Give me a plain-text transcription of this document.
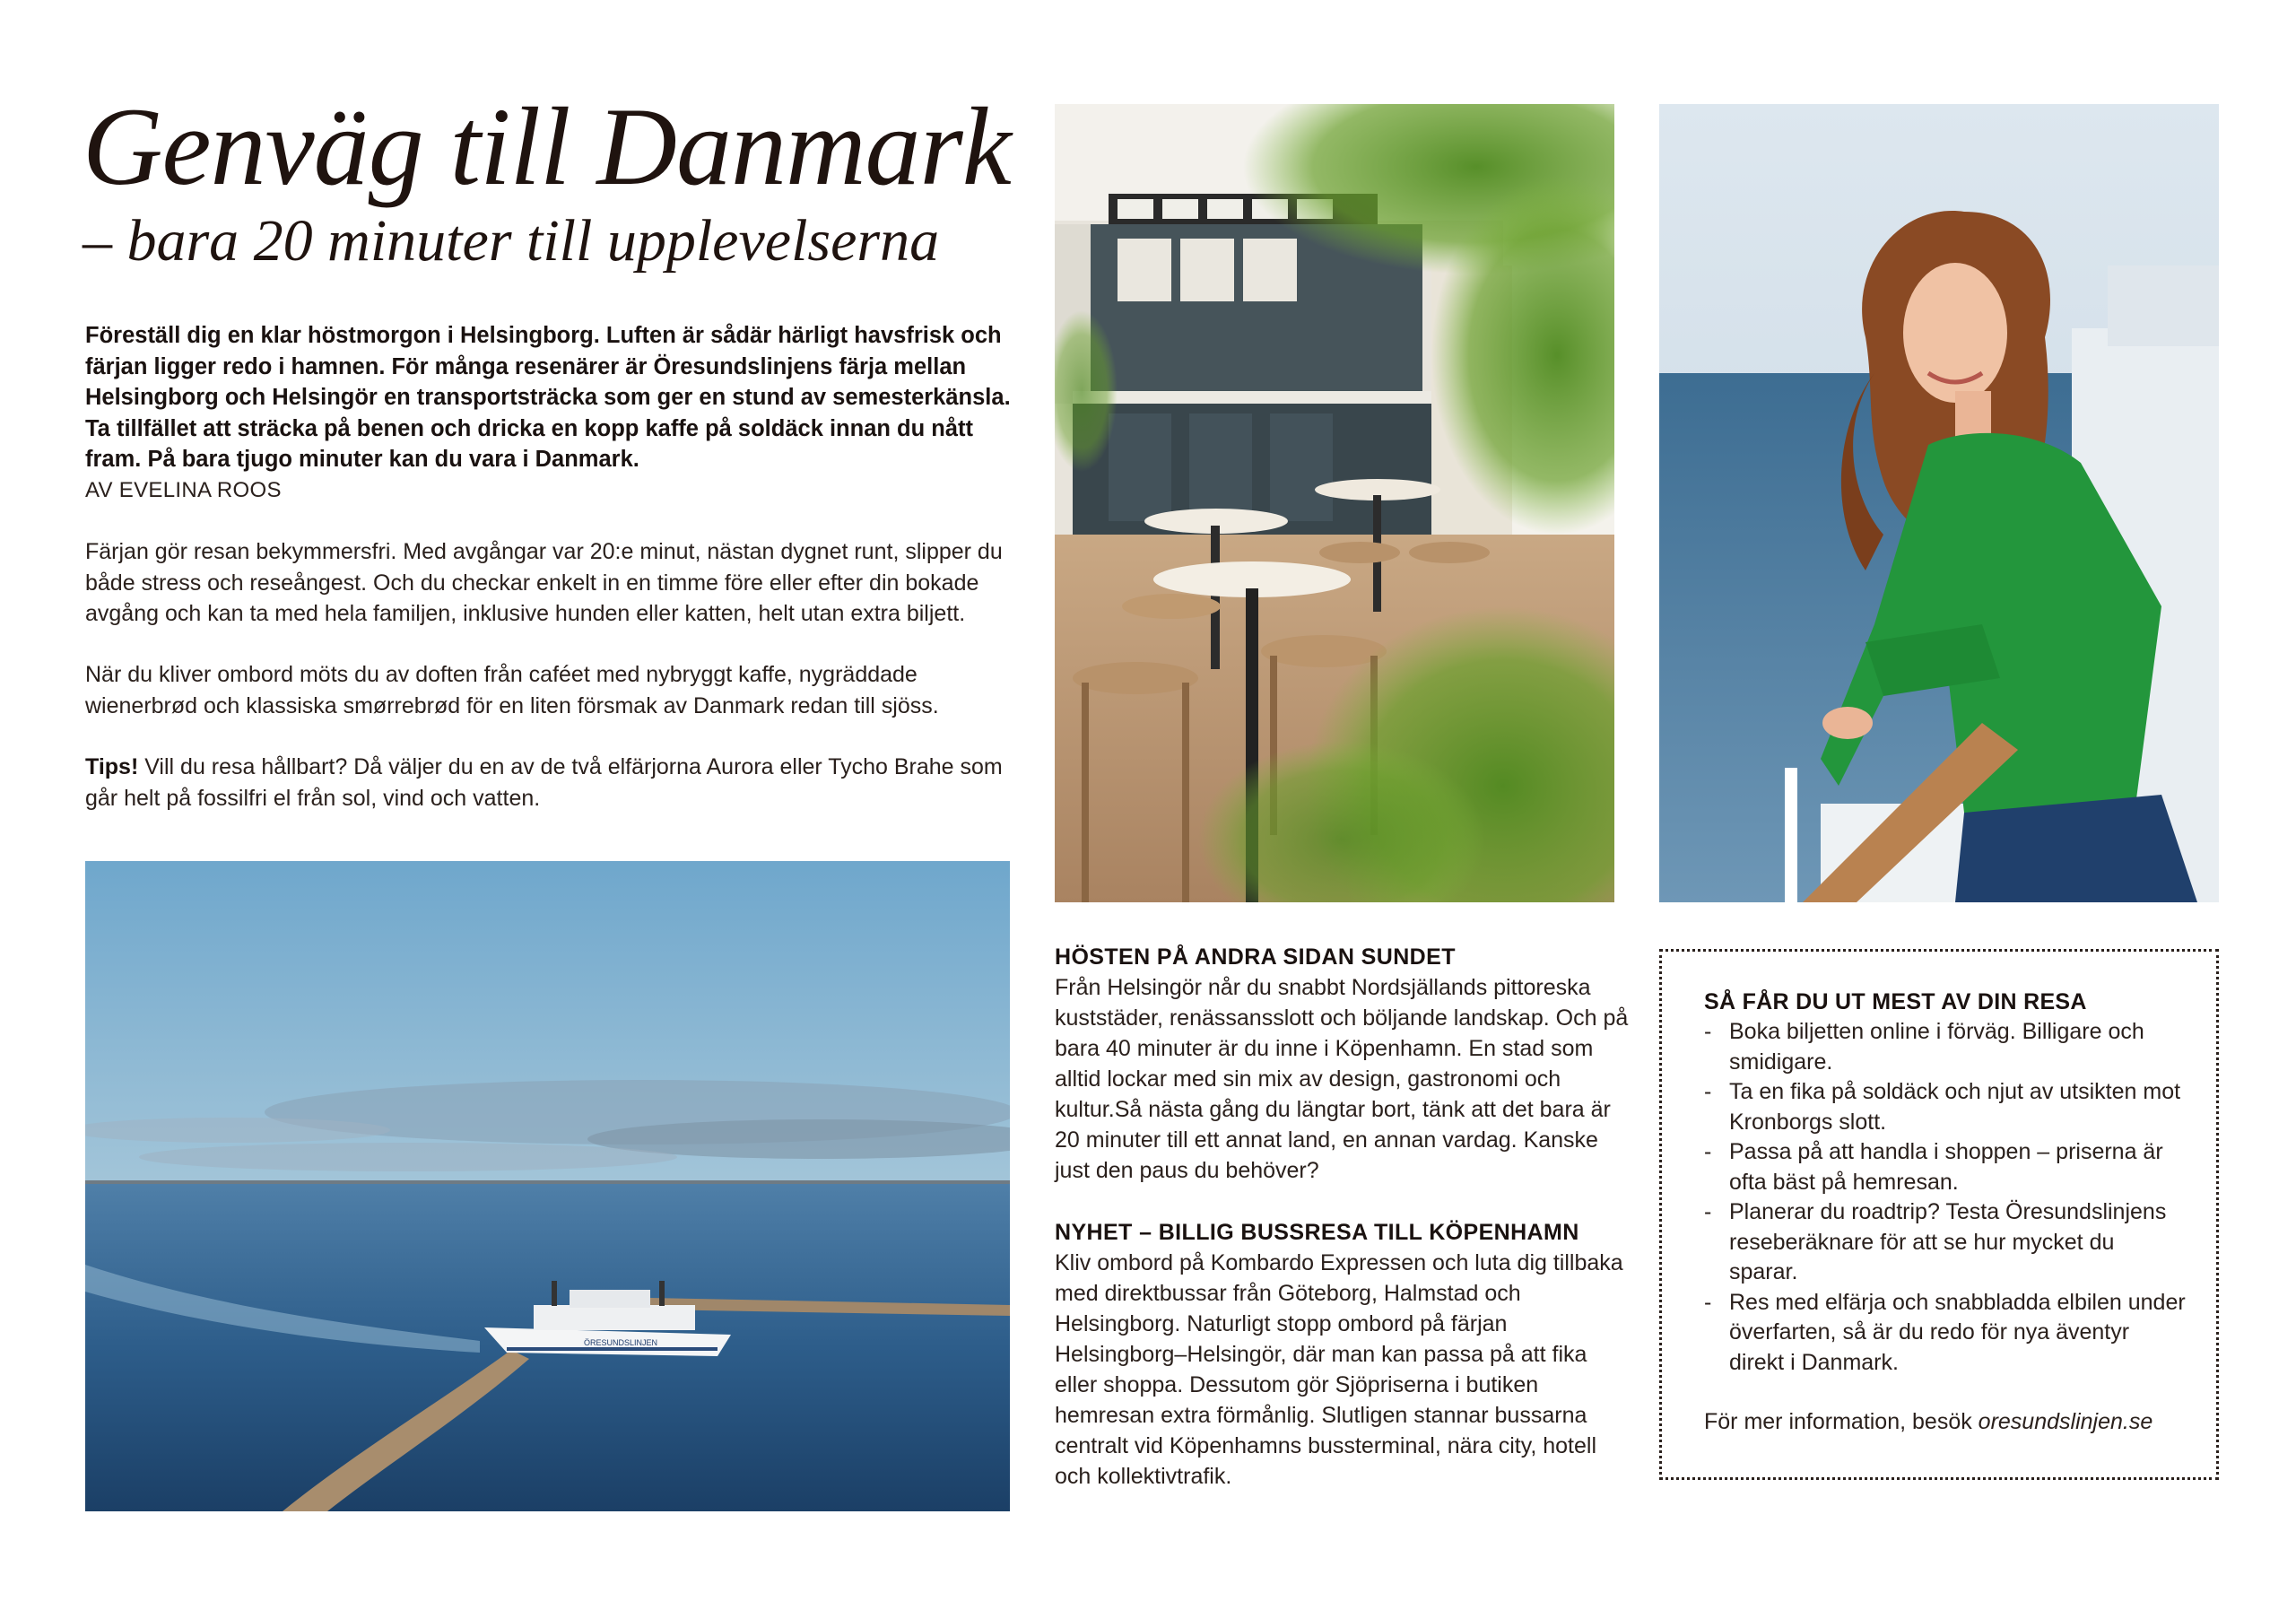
Genväg till Danmark
– bara 20 minuter till upplevelserna
Föreställ dig en klar höstmorgon i Helsingborg. Luften är sådär härligt havsfrisk och färjan ligger redo i hamnen. För många resenärer är Öresundslinjens färja mellan Helsingborg och Helsingör en transportsträcka som ger en stund av semesterkänsla. Ta tillfället att sträcka på benen och dricka en kopp kaffe på soldäck innan du nått fram. På bara tjugo minuter kan du vara i Danmark.
AV EVELINA ROOS
Färjan gör resan bekymmersfri. Med avgångar var 20:e minut, nästan dygnet runt, slipper du både stress och reseångest. Och du checkar enkelt in en timme före eller efter din bokade avgång och kan ta med hela familjen, inklusive hunden eller katten, helt utan extra biljett.
När du kliver ombord möts du av doften från caféet med nybryggt kaffe, nygräddade wienerbrød och klassiska smørrebrød för en liten försmak av Danmark redan till sjöss.
Tips! Vill du resa hållbart? Då väljer du en av de två elfärjorna Aurora eller Tycho Brahe som går helt på fossilfri el från sol, vind och vatten.
ÖRESUNDSLINJEN
HÖSTEN PÅ ANDRA SIDAN SUNDET
Från Helsingör når du snabbt Nordsjällands pittoreska kuststäder, renässansslott och böljande landskap. Och på bara 40 minuter är du inne i Köpenhamn. En stad som alltid lockar med sin mix av design, gastronomi och kultur.Så nästa gång du längtar bort, tänk att det bara är 20 minuter till ett annat land, en annan vardag. Kanske just den paus du behöver?
NYHET – BILLIG BUSSRESA TILL KÖPENHAMN
Kliv ombord på Kombardo Expressen och luta dig tillbaka med direktbussar från Göteborg, Halmstad och Helsingborg. Naturligt stopp ombord på färjan Helsingborg–Helsingör, där man kan passa på att fika eller shoppa. Dessutom gör Sjöpriserna i butiken hemresan extra förmånlig. Slutligen stannar bussarna centralt vid Köpenhamns bussterminal, nära city, hotell och kollektivtrafik.
SÅ FÅR DU UT MEST AV DIN RESA
- Boka biljetten online i förväg. Billigare och smidigare.
- Ta en fika på soldäck och njut av utsikten mot Kronborgs slott.
- Passa på att handla i shoppen – priserna är ofta bäst på hemresan.
- Planerar du roadtrip? Testa Öresundslinjens reseberäknare för att se hur mycket du sparar.
- Res med elfärja och snabbladda elbilen under överfarten, så är du redo för nya äventyr direkt i Danmark.
För mer information, besök oresundslinjen.se
